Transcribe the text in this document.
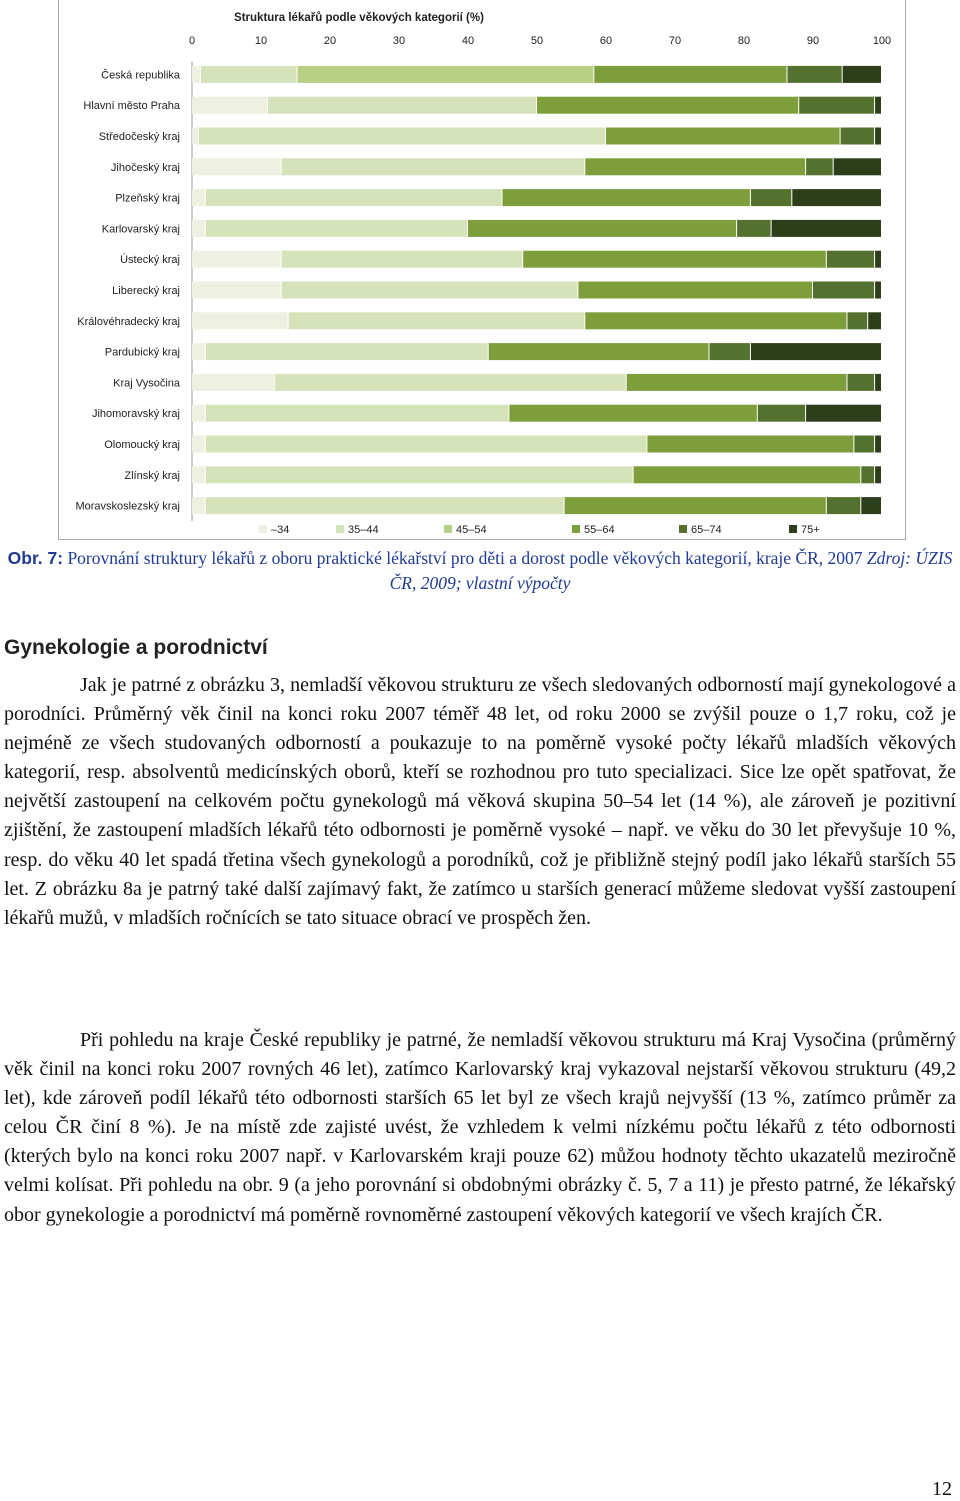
Struktura lékařů podle věkových kategorií (%)
0	10	20	30	40	50	60	70	80	90	100
Česká republika
Hlavní město Praha
Středočeský kraj
Jihočeský kraj
Plzeňský kraj
Karlovarský kraj
Ústecký kraj
Liberecký kraj
Královéhradecký kraj
Pardubický kraj
Kraj Vysočina
Jihomoravský kraj
Olomoucký kraj
Zlínský kraj
Moravskoslezský kraj
–34	35–44	45–54	55–64	65–74	75+
Obr. 7: Porovnání struktury lékařů z oboru praktické lékařství pro děti a dorost podle věkových kategorií, kraje ČR, 2007 Zdroj: ÚZIS ČR, 2009; vlastní výpočty
Gynekologie a porodnictví

Jak je patrné z obrázku 3, nemladší věkovou strukturu ze všech sledovaných odborností mají gynekologové a porodníci. Průměrný věk činil na konci roku 2007 téměř 48 let, od roku 2000 se zvýšil pouze o 1,7 roku, což je nejméně ze všech studovaných odborností a poukazuje to na poměrně vysoké počty lékařů mladších věkových kategorií, resp. absolventů medicínských oborů, kteří se rozhodnou pro tuto specializaci. Sice lze opět spatřovat, že největší zastoupení na celkovém počtu gynekologů má věková skupina 50–54 let (14 %), ale zároveň je pozitivní zjištění, že zastoupení mladších lékařů této odbornosti je poměrně vysoké – např. ve věku do 30 let převyšuje 10 %, resp. do věku 40 let spadá třetina všech gynekologů a porodníků, což je přibližně stejný podíl jako lékařů starších 55 let. Z obrázku 8a je patrný také další zajímavý fakt, že zatímco u starších generací můžeme sledovat vyšší zastoupení lékařů mužů, v mladších ročnících se tato situace obrací ve prospěch žen.

Při pohledu na kraje České republiky je patrné, že nemladší věkovou strukturu má Kraj Vysočina (průměrný věk činil na konci roku 2007 rovných 46 let), zatímco Karlovarský kraj vykazoval nejstarší věkovou strukturu (49,2 let), kde zároveň podíl lékařů této odbornosti starších 65 let byl ze všech krajů nejvyšší (13 %, zatímco průměr za celou ČR činí 8 %). Je na místě zde zajisté uvést, že vzhledem k velmi nízkému počtu lékařů z této odbornosti (kterých bylo na konci roku 2007 např. v Karlovarském kraji pouze 62) můžou hodnoty těchto ukazatelů meziročně velmi kolísat. Při pohledu na obr. 9 (a jeho porovnání si obdobnými obrázky č. 5, 7 a 11) je přesto patrné, že lékařský obor gynekologie a porodnictví má poměrně rovnoměrné zastoupení věkových kategorií ve všech krajích ČR.

12
